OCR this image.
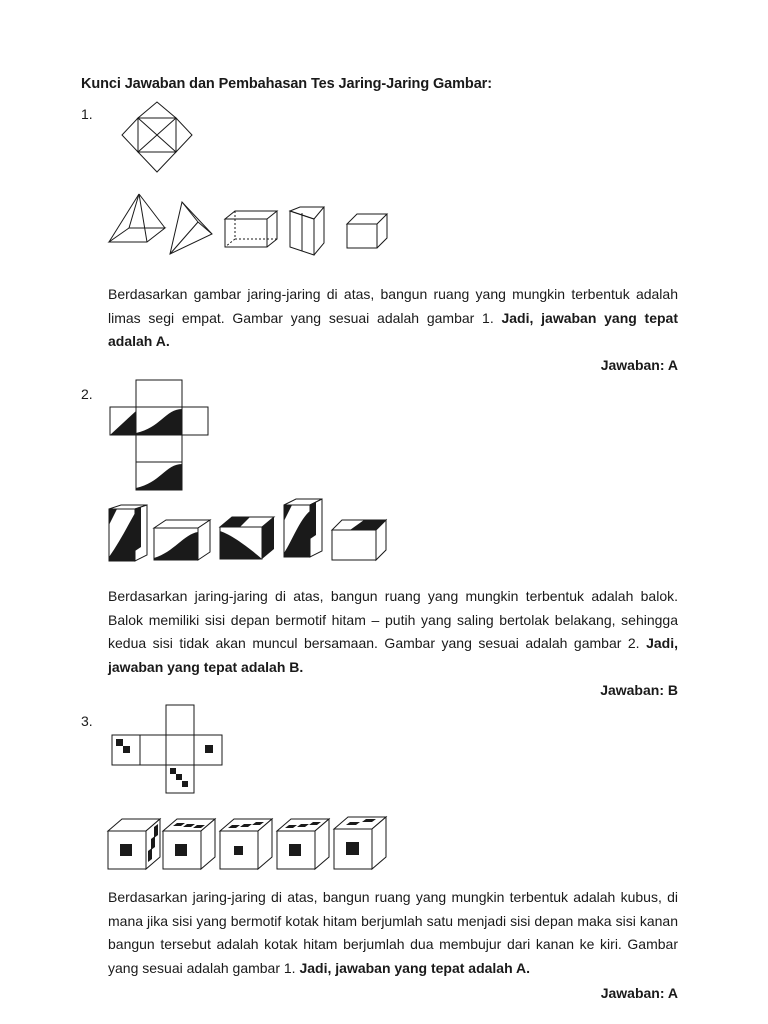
Kunci Jawaban dan Pembahasan Tes Jaring-Jaring Gambar:
1.
Berdasarkan gambar jaring-jaring di atas, bangun ruang yang mungkin terbentuk adalah limas segi empat. Gambar yang sesuai adalah gambar 1. Jadi, jawaban yang tepat adalah A.
Jawaban: A
2.
Berdasarkan jaring-jaring di atas, bangun ruang yang mungkin terbentuk adalah balok. Balok memiliki sisi depan bermotif hitam – putih yang saling bertolak belakang, sehingga kedua sisi tidak akan muncul bersamaan. Gambar yang sesuai adalah gambar 2. Jadi, jawaban yang tepat adalah B.
Jawaban: B
3.
Berdasarkan jaring-jaring di atas, bangun ruang yang mungkin terbentuk adalah kubus, di mana jika sisi yang bermotif kotak hitam berjumlah satu menjadi sisi depan maka sisi kanan bangun tersebut adalah kotak hitam berjumlah dua membujur dari kanan ke kiri. Gambar yang sesuai adalah gambar 1. Jadi, jawaban yang tepat adalah A.
Jawaban: A
